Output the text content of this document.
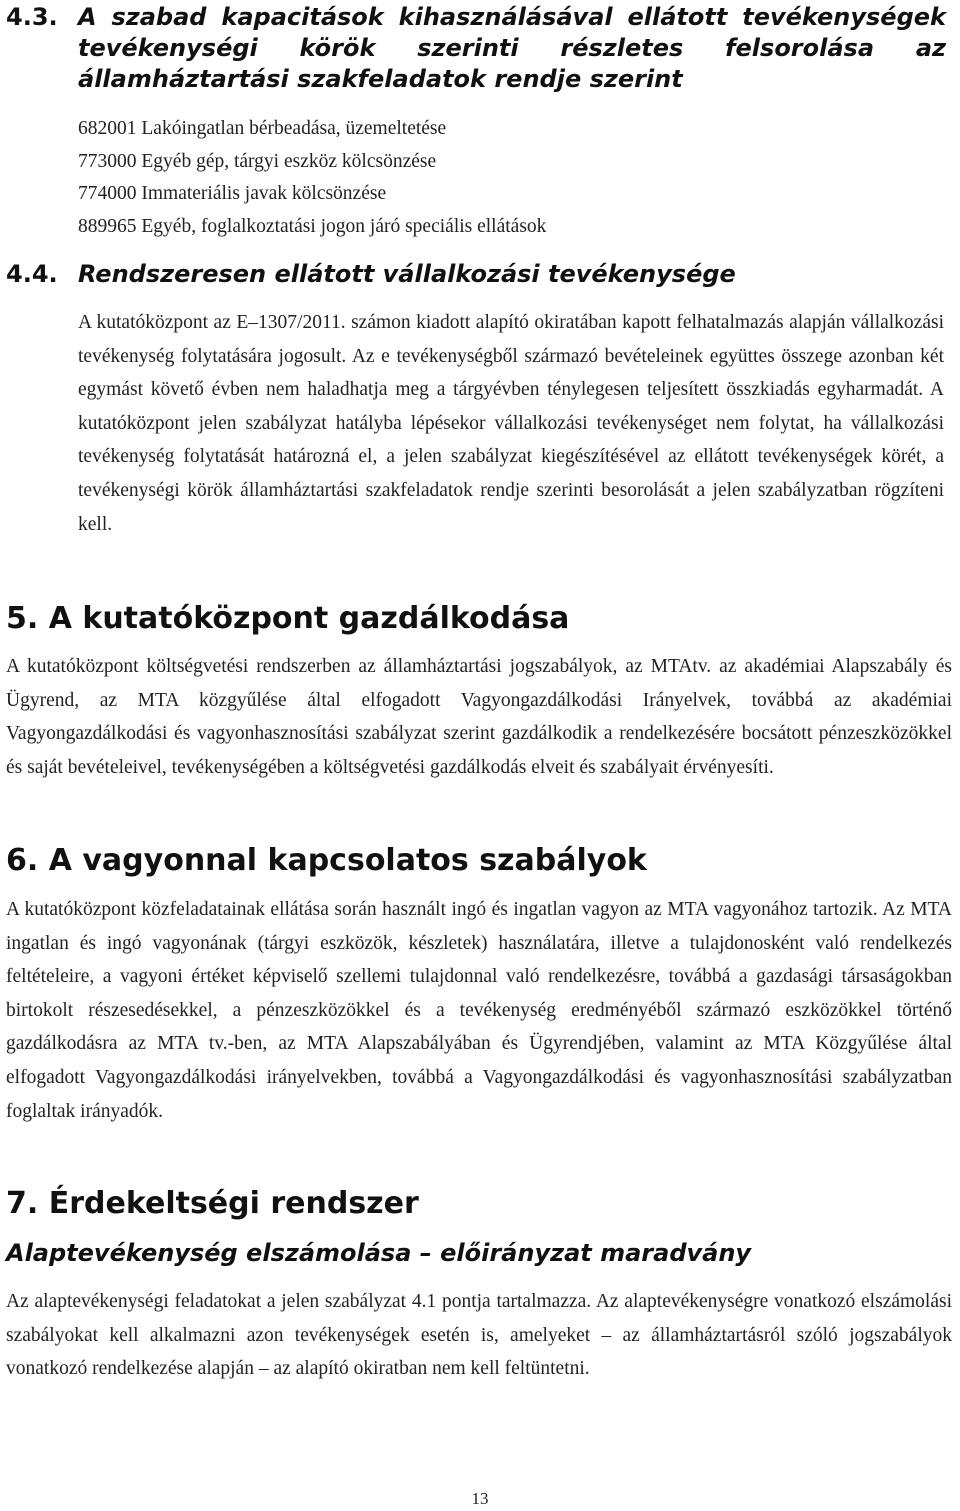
4.3. A szabad kapacitások kihasználásával ellátott tevékenységek tevékenységi körök szerinti részletes felsorolása az államháztartási szakfeladatok rendje szerint
682001 Lakóingatlan bérbeadása, üzemeltetése
773000 Egyéb gép, tárgyi eszköz kölcsönzése
774000 Immateriális javak kölcsönzése
889965 Egyéb, foglalkoztatási jogon járó speciális ellátások
4.4. Rendszeresen ellátott vállalkozási tevékenysége

A kutatóközpont az E–1307/2011. számon kiadott alapító okiratában kapott felhatalmazás alapján vállalkozási tevékenység folytatására jogosult. Az e tevékenységből származó bevételeinek együttes összege azonban két egymást követő évben nem haladhatja meg a tárgyévben ténylegesen teljesített összkiadás egyharmadát. A kutatóközpont jelen szabályzat hatályba lépésekor vállalkozási tevékenységet nem folytat, ha vállalkozási tevékenység folytatását határozná el, a jelen szabályzat kiegészítésével az ellátott tevékenységek körét, a tevékenységi körök államháztartási szakfeladatok rendje szerinti besorolását a jelen szabályzatban rögzíteni kell.

5. A kutatóközpont gazdálkodása

A kutatóközpont költségvetési rendszerben az államháztartási jogszabályok, az MTAtv. az akadémiai Alapszabály és Ügyrend, az MTA közgyűlése által elfogadott Vagyongazdálkodási Irányelvek, továbbá az akadémiai Vagyongazdálkodási és vagyonhasznosítási szabályzat szerint gazdálkodik a rendelkezésére bocsátott pénzeszközökkel és saját bevételeivel, tevékenységében a költségvetési gazdálkodás elveit és szabályait érvényesíti.

6. A vagyonnal kapcsolatos szabályok

A kutatóközpont közfeladatainak ellátása során használt ingó és ingatlan vagyon az MTA vagyonához tartozik. Az MTA ingatlan és ingó vagyonának (tárgyi eszközök, készletek) használatára, illetve a tulajdonosként való rendelkezés feltételeire, a vagyoni értéket képviselő szellemi tulajdonnal való rendelkezésre, továbbá a gazdasági társaságokban birtokolt részesedésekkel, a pénzeszközökkel és a tevékenység eredményéből származó eszközökkel történő gazdálkodásra az MTA tv.-ben, az MTA Alapszabályában és Ügyrendjében, valamint az MTA Közgyűlése által elfogadott Vagyongazdálkodási irányelvekben, továbbá a Vagyongazdálkodási és vagyonhasznosítási szabályzatban foglaltak irányadók.

7. Érdekeltségi rendszer
Alaptevékenység elszámolása – előirányzat maradvány

Az alaptevékenységi feladatokat a jelen szabályzat 4.1 pontja tartalmazza. Az alaptevékenységre vonatkozó elszámolási szabályokat kell alkalmazni azon tevékenységek esetén is, amelyeket – az államháztartásról szóló jogszabályok vonatkozó rendelkezése alapján – az alapító okiratban nem kell feltüntetni.

13
